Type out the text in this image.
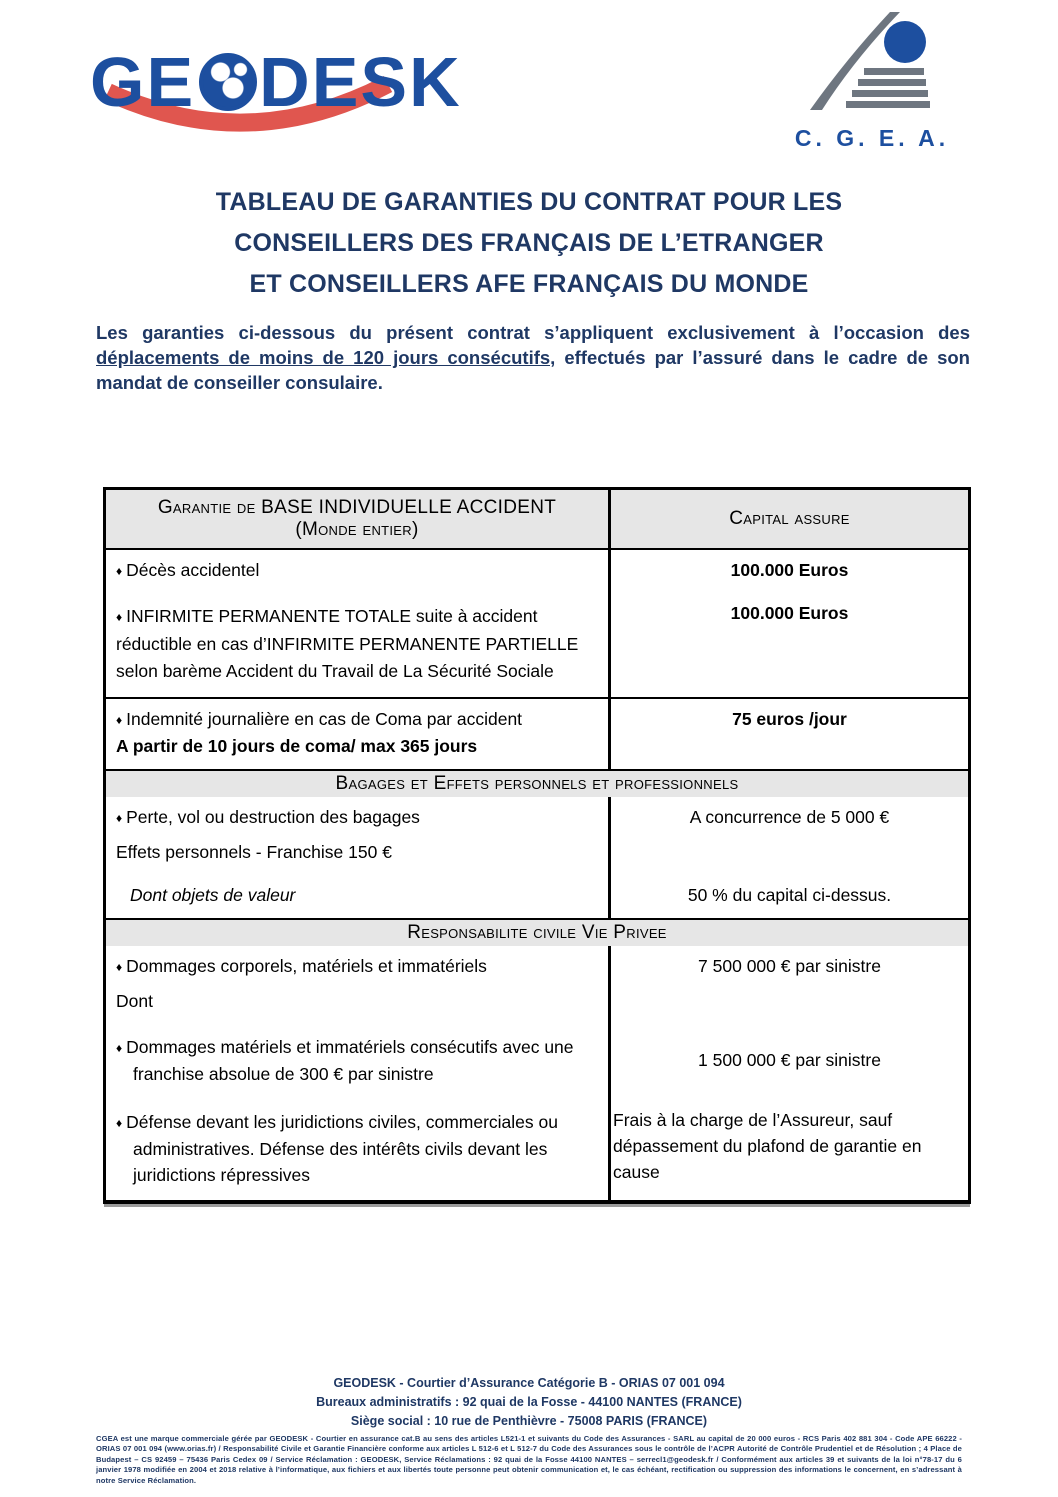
GE DESK
C. G. E. A.
TABLEAU DE GARANTIES DU CONTRAT POUR LES
CONSEILLERS DES FRANÇAIS DE L’ETRANGER
ET CONSEILLERS AFE FRANÇAIS DU MONDE
Les garanties ci-dessous du présent contrat s’appliquent exclusivement à l’occasion des déplacements de moins de 120 jours consécutifs, effectués par l’assuré dans le cadre de son mandat de conseiller consulaire.
Garantie de BASE INDIVIDUELLE ACCIDENT (Monde entier)
Capital assure
♦ Décès accidentel	100.000 Euros
♦ INFIRMITE PERMANENTE TOTALE suite à accident réductible en cas d’INFIRMITE PERMANENTE PARTIELLE selon barème Accident du Travail de La Sécurité Sociale
100.000 Euros
♦ Indemnité journalière en cas de Coma par accident
A partir de 10 jours de coma/ max 365 jours
75 euros /jour
Bagages et Effets personnels et professionnels
♦ Perte, vol ou destruction des bagages
Effets personnels - Franchise 150 €
A concurrence de 5 000 €
Dont objets de valeur	50 % du capital ci-dessus.
Responsabilite civile Vie Privee
♦ Dommages corporels, matériels et immatériels
Dont
7 500 000 € par sinistre
♦ Dommages matériels et immatériels consécutifs avec une franchise absolue de 300 € par sinistre
1 500 000 € par sinistre
♦ Défense devant les juridictions civiles, commerciales ou administratives. Défense des intérêts civils devant les juridictions répressives
Frais à la charge de l’Assureur, sauf dépassement du plafond de garantie en cause
GEODESK - Courtier d’Assurance Catégorie B - ORIAS 07 001 094
Bureaux administratifs : 92 quai de la Fosse - 44100 NANTES (FRANCE)
Siège social : 10 rue de Penthièvre - 75008 PARIS (FRANCE)
CGEA est une marque commerciale gérée par GEODESK - Courtier en assurance cat.B au sens des articles L521-1 et suivants du Code des Assurances - SARL au capital de 20 000 euros - RCS Paris 402 881 304 - Code APE 66222 - ORIAS 07 001 094 (www.orias.fr) / Responsabilité Civile et Garantie Financière conforme aux articles L 512-6 et L 512-7 du Code des Assurances sous le contrôle de l’ACPR Autorité de Contrôle Prudentiel et de Résolution ; 4 Place de Budapest – CS 92459 – 75436 Paris Cedex 09 / Service Réclamation : GEODESK, Service Réclamations : 92 quai de la Fosse 44100 NANTES – serrecl1@geodesk.fr / Conformément aux articles 39 et suivants de la loi n°78-17 du 6 janvier 1978 modifiée en 2004 et 2018 relative à l’informatique, aux fichiers et aux libertés toute personne peut obtenir communication et, le cas échéant, rectification ou suppression des informations le concernent, en s’adressant à notre Service Réclamation.
